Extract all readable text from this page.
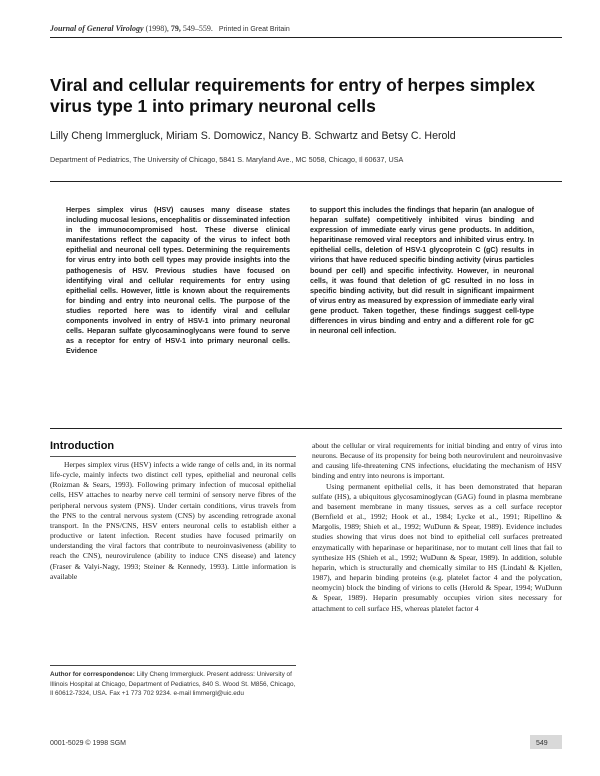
Journal of General Virology (1998), 79, 549–559. Printed in Great Britain
Viral and cellular requirements for entry of herpes simplex virus type 1 into primary neuronal cells
Lilly Cheng Immergluck, Miriam S. Domowicz, Nancy B. Schwartz and Betsy C. Herold
Department of Pediatrics, The University of Chicago, 5841 S. Maryland Ave., MC 5058, Chicago, Il 60637, USA
Herpes simplex virus (HSV) causes many disease states including mucosal lesions, encephalitis or disseminated infection in the immunocompromised host. These diverse clinical manifestations reflect the capacity of the virus to infect both epithelial and neuronal cell types. Determining the requirements for virus entry into both cell types may provide insights into the pathogenesis of HSV. Previous studies have focused on identifying viral and cellular requirements for entry using epithelial cells. However, little is known about the requirements for binding and entry into neuronal cells. The purpose of the studies reported here was to identify viral and cellular components involved in entry of HSV-1 into primary neuronal cells. Heparan sulfate glycosaminoglycans were found to serve as a receptor for entry of HSV-1 into primary neuronal cells. Evidence
to support this includes the findings that heparin (an analogue of heparan sulfate) competitively inhibited virus binding and expression of immediate early virus gene products. In addition, heparitinase removed viral receptors and inhibited virus entry. In epithelial cells, deletion of HSV-1 glycoprotein C (gC) results in virions that have reduced specific binding activity (virus particles bound per cell) and specific infectivity. However, in neuronal cells, it was found that deletion of gC resulted in no loss in specific binding activity, but did result in significant impairment of virus entry as measured by expression of immediate early viral gene product. Taken together, these findings suggest cell-type differences in virus binding and entry and a different role for gC in neuronal cell infection.
Introduction

Herpes simplex virus (HSV) infects a wide range of cells and, in its normal life-cycle, mainly infects two distinct cell types, epithelial and neuronal cells (Roizman & Sears, 1993). Following primary infection of mucosal epithelial cells, HSV attaches to nearby nerve cell termini of sensory nerve fibres of the peripheral nervous system (PNS). Under certain conditions, virus travels from the PNS to the central nervous system (CNS) by ascending retrograde axonal transport. In the PNS/CNS, HSV enters neuronal cells to establish either a productive or latent infection. Recent studies have focused primarily on understanding the viral factors that contribute to neuroinvasiveness (ability to reach the CNS), neurovirulence (ability to induce CNS disease) and latency (Fraser & Valyi-Nagy, 1993; Steiner & Kennedy, 1993). Little information is available

about the cellular or viral requirements for initial binding and entry of virus into neurons. Because of its propensity for being both neurovirulent and neuroinvasive and causing life-threatening CNS infections, elucidating the mechanism of HSV binding and entry into neurons is important.

Using permanent epithelial cells, it has been demonstrated that heparan sulfate (HS), a ubiquitous glycosaminoglycan (GAG) found in plasma membrane and basement membrane in many tissues, serves as a cell surface receptor (Bernfield et al., 1992; Hook et al., 1984; Lycke et al., 1991; Ripellino & Margolis, 1989; Shieh et al., 1992; WuDunn & Spear, 1989). Evidence includes studies showing that virus does not bind to epithelial cell surfaces pretreated enzymatically with heparinase or heparitinase, nor to mutant cell lines that fail to synthesize HS (Shieh et al., 1992; WuDunn & Spear, 1989). In addition, soluble heparin, which is structurally and chemically similar to HS (Lindahl & Kjellen, 1987), and heparin binding proteins (e.g. platelet factor 4 and the polycation, neomycin) block the binding of virions to cells (Herold & Spear, 1994; WuDunn & Spear, 1989). Heparin presumably occupies virion sites necessary for attachment to cell surface HS, whereas platelet factor 4

Author for correspondence: Lilly Cheng Immergluck. Present address: University of Illinois Hospital at Chicago, Department of Pediatrics, 840 S. Wood St. M856, Chicago, Il 60612-7324, USA. Fax +1 773 702 9234. e-mail limmergl@uic.edu
0001-5029 © 1998 SGM	549
